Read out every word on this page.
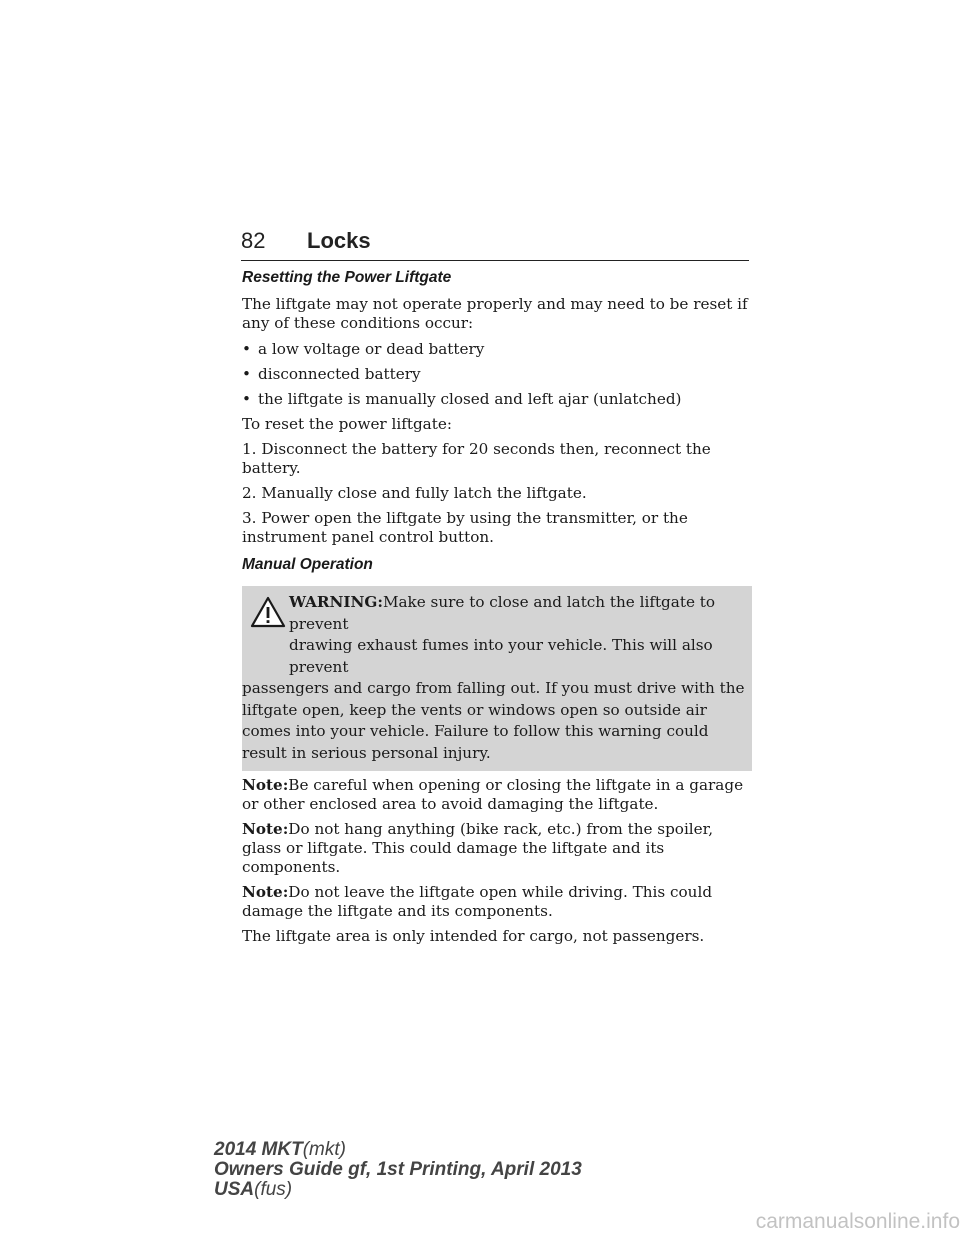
82 Locks

Resetting the Power Liftgate

The liftgate may not operate properly and may need to be reset if any of these conditions occur:

• a low voltage or dead battery

• disconnected battery

• the liftgate is manually closed and left ajar (unlatched)

To reset the power liftgate:

1. Disconnect the battery for 20 seconds then, reconnect the battery.

2. Manually close and fully latch the liftgate.

3. Power open the liftgate by using the transmitter, or the instrument panel control button.

Manual Operation

WARNING:Make sure to close and latch the liftgate to prevent
drawing exhaust fumes into your vehicle. This will also prevent
passengers and cargo from falling out. If you must drive with the liftgate open, keep the vents or windows open so outside air comes into your vehicle. Failure to follow this warning could result in serious personal injury.

Note:Be careful when opening or closing the liftgate in a garage or other enclosed area to avoid damaging the liftgate.

Note:Do not hang anything (bike rack, etc.) from the spoiler, glass or liftgate. This could damage the liftgate and its components.

Note:Do not leave the liftgate open while driving. This could damage the liftgate and its components.

The liftgate area is only intended for cargo, not passengers.

2014 MKT(mkt)
Owners Guide gf, 1st Printing, April 2013
USA(fus)
carmanualsonline.info
